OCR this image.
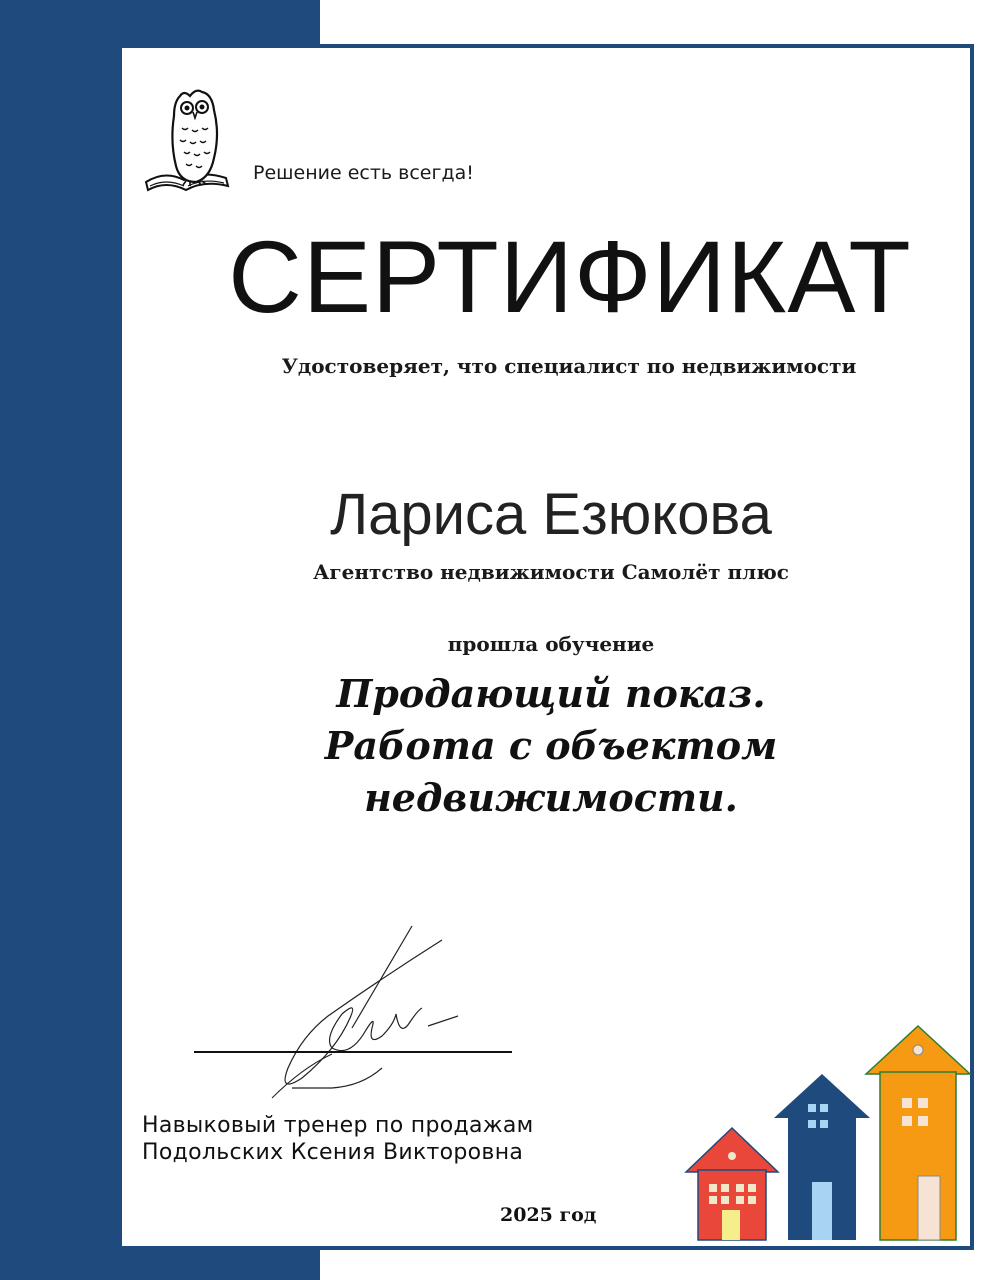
Решение есть всегда!
СЕРТИФИКАТ
Удостоверяет, что специалист по недвижимости
Лариса Езюкова
Агентство недвижимости Самолёт плюс
прошла обучение
Продающий показ.
Работа с объектом недвижимости.
Навыковый тренер по продажам
Подольских Ксения Викторовна
2025 год
